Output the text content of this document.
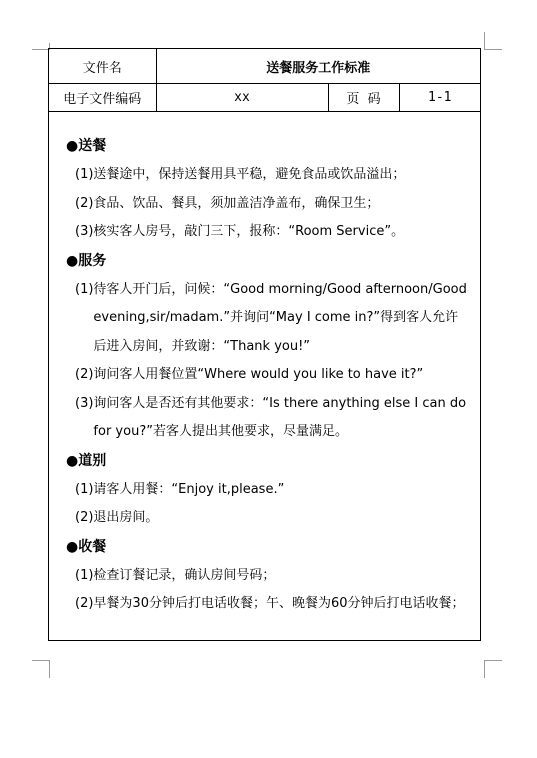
文件名	送餐服务工作标准		
电子文件编码	xx	页  码	1-1

●送餐

(1) 送餐途中，保持送餐用具平稳，避免食品或饮品溢出；
(2) 食品、饮品、餐具，须加盖洁净盖布，确保卫生；
(3) 核实客人房号，敲门三下，报称：“Room Service”。

●服务

(1) 待客人开门后，问候：“Good morning/Good afternoon/Good evening,sir/madam.”并询问“May I come in?”得到客人允许后进入房间，并致谢：“Thank you!”
(2) 询问客人用餐位置“Where would you like to have it?”
(3) 询问客人是否还有其他要求：“Is there anything else I can do for you?”若客人提出其他要求，尽量满足。

●道别

(1) 请客人用餐：“Enjoy it,please.”
(2) 退出房间。

●收餐

(1) 检查订餐记录，确认房间号码；
(2) 早餐为30分钟后打电话收餐；午、晚餐为60分钟后打电话收餐；
